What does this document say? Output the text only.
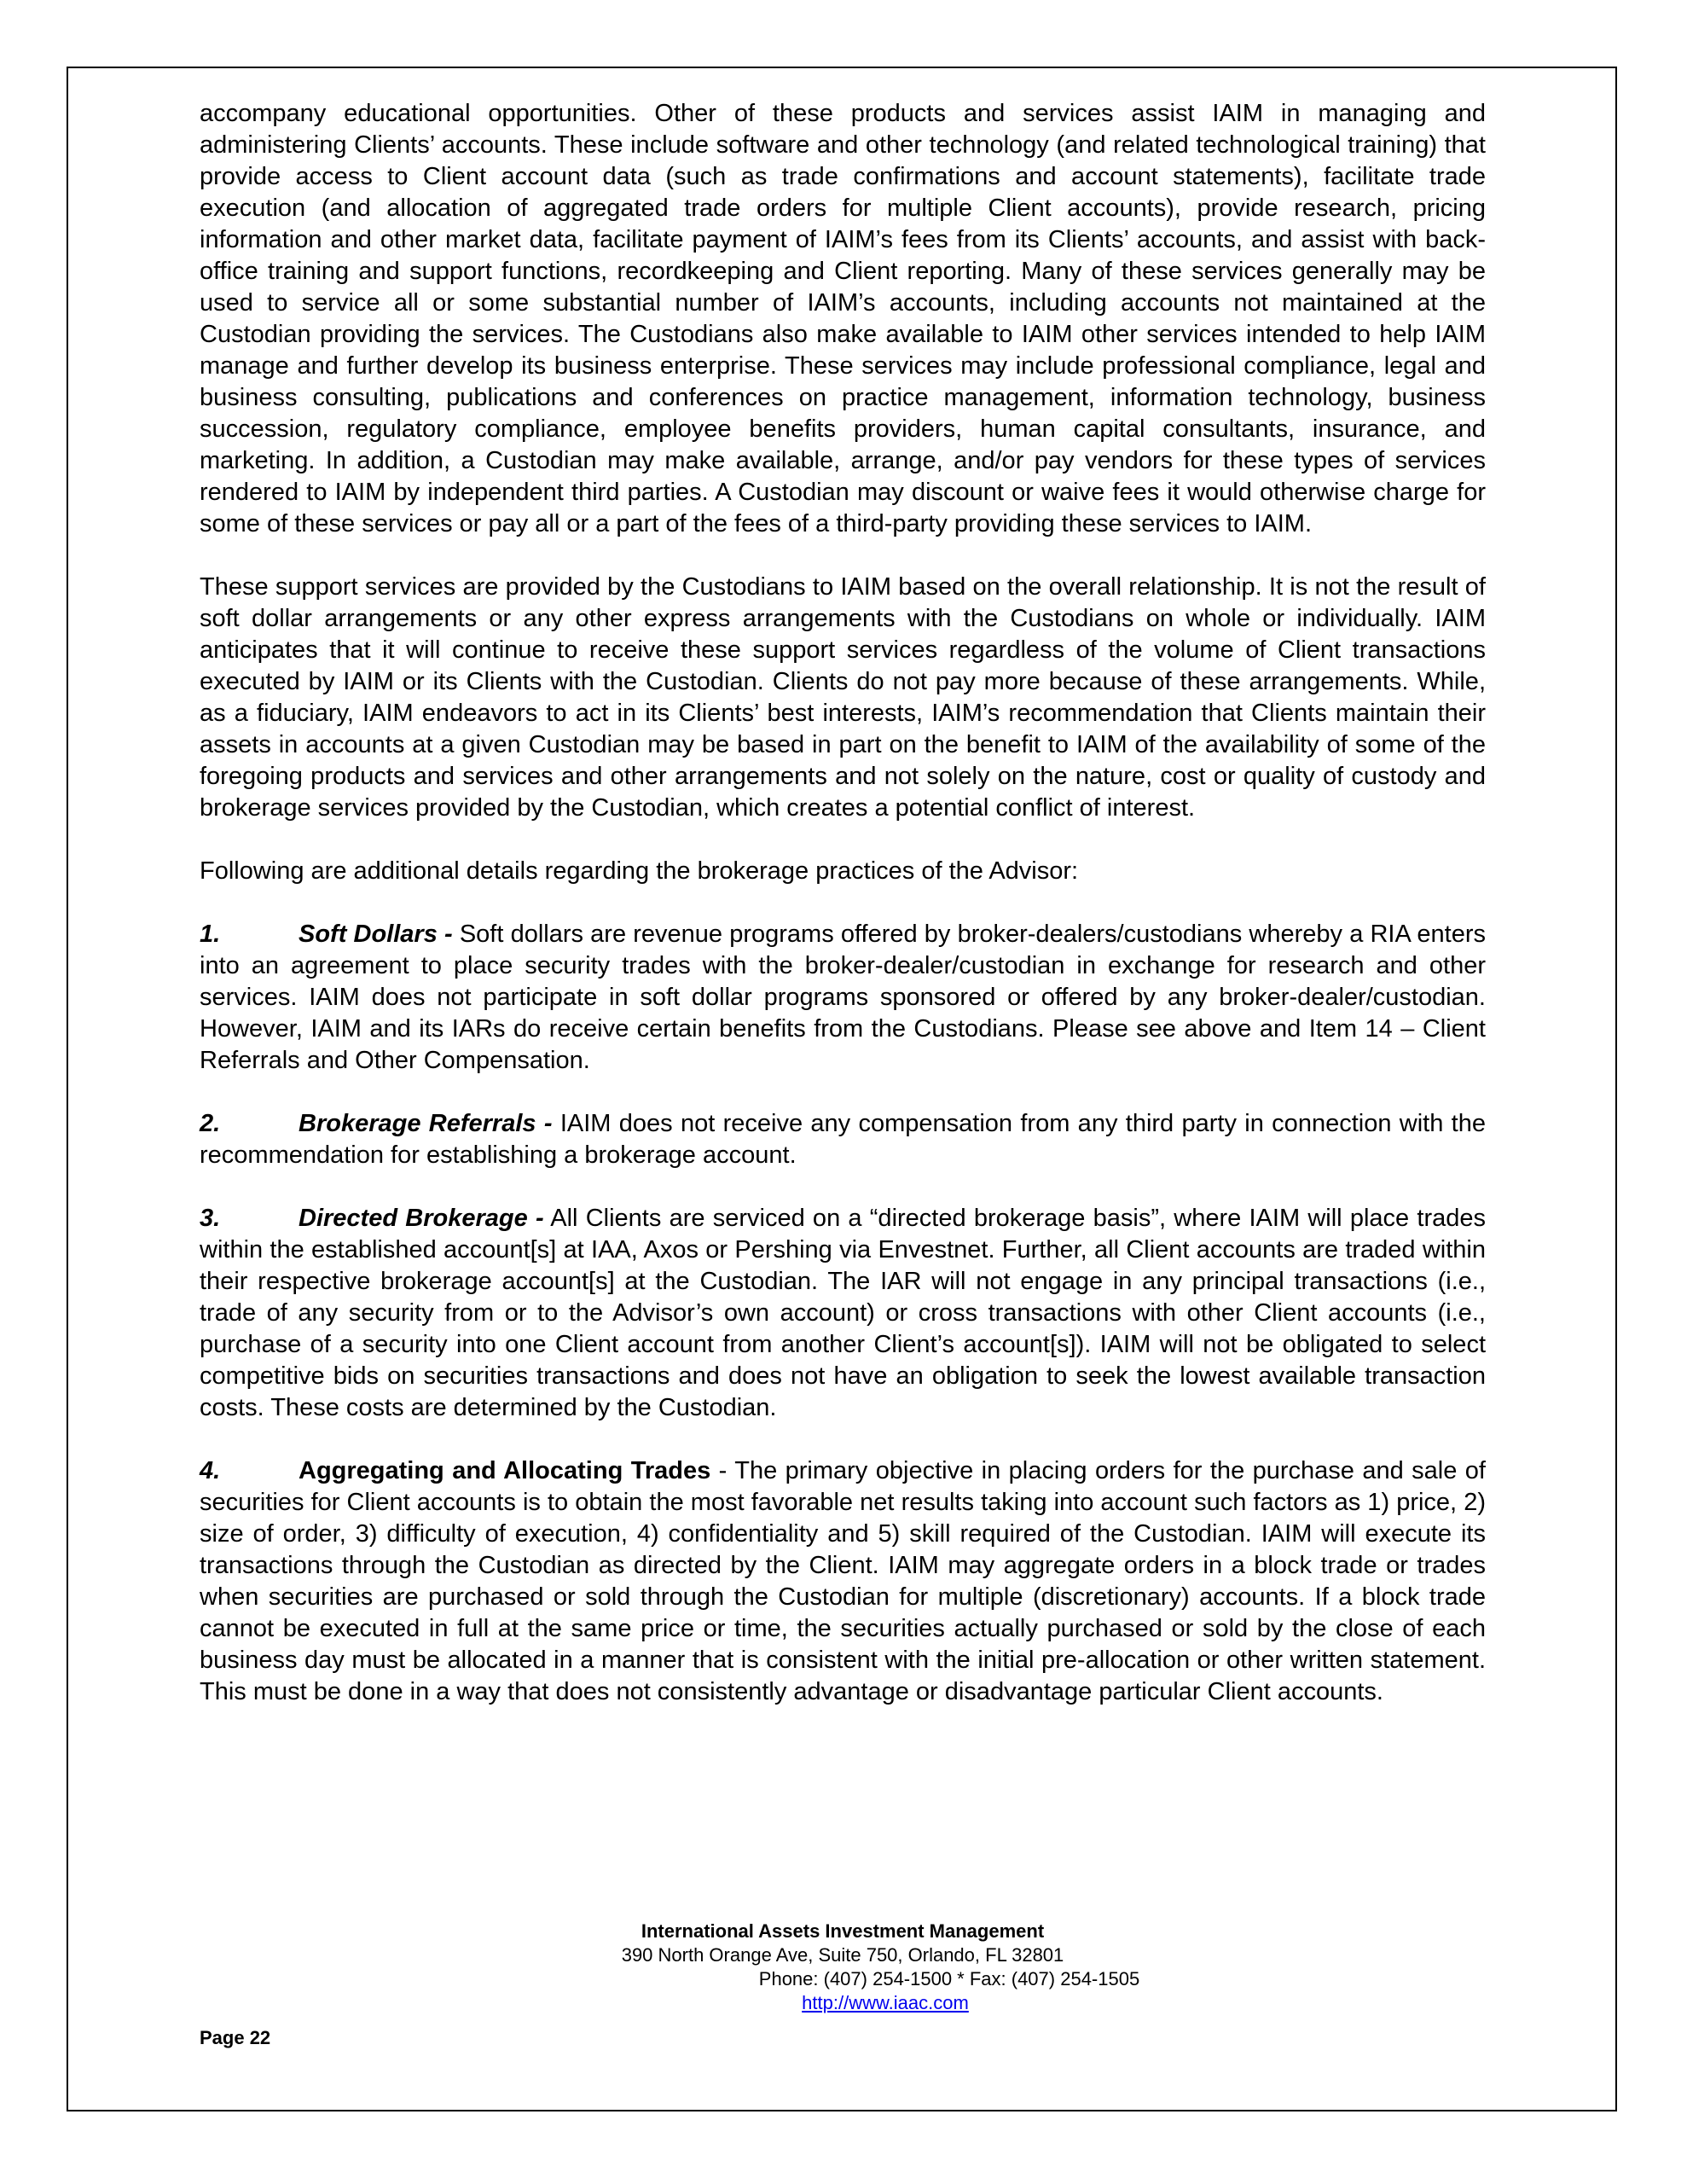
accompany educational opportunities. Other of these products and services assist IAIM in managing and administering Clients’ accounts. These include software and other technology (and related technological training) that provide access to Client account data (such as trade confirmations and account statements), facilitate trade execution (and allocation of aggregated trade orders for multiple Client accounts), provide research, pricing information and other market data, facilitate payment of IAIM’s fees from its Clients’ accounts, and assist with back-office training and support functions, recordkeeping and Client reporting. Many of these services generally may be used to service all or some substantial number of IAIM’s accounts, including accounts not maintained at the Custodian providing the services. The Custodians also make available to IAIM other services intended to help IAIM manage and further develop its business enterprise. These services may include professional compliance, legal and business consulting, publications and conferences on practice management, information technology, business succession, regulatory compliance, employee benefits providers, human capital consultants, insurance, and marketing. In addition, a Custodian may make available, arrange, and/or pay vendors for these types of services rendered to IAIM by independent third parties. A Custodian may discount or waive fees it would otherwise charge for some of these services or pay all or a part of the fees of a third-party providing these services to IAIM.

These support services are provided by the Custodians to IAIM based on the overall relationship. It is not the result of soft dollar arrangements or any other express arrangements with the Custodians on whole or individually. IAIM anticipates that it will continue to receive these support services regardless of the volume of Client transactions executed by IAIM or its Clients with the Custodian. Clients do not pay more because of these arrangements. While, as a fiduciary, IAIM endeavors to act in its Clients’ best interests, IAIM’s recommendation that Clients maintain their assets in accounts at a given Custodian may be based in part on the benefit to IAIM of the availability of some of the foregoing products and services and other arrangements and not solely on the nature, cost or quality of custody and brokerage services provided by the Custodian, which creates a potential conflict of interest.

Following are additional details regarding the brokerage practices of the Advisor:

1.	Soft Dollars - Soft dollars are revenue programs offered by broker-dealers/custodians whereby a RIA enters into an agreement to place security trades with the broker-dealer/custodian in exchange for research and other services. IAIM does not participate in soft dollar programs sponsored or offered by any broker-dealer/custodian. However, IAIM and its IARs do receive certain benefits from the Custodians. Please see above and Item 14 – Client Referrals and Other Compensation.

2.	Brokerage Referrals - IAIM does not receive any compensation from any third party in connection with the recommendation for establishing a brokerage account.

3.	Directed Brokerage - All Clients are serviced on a “directed brokerage basis”, where IAIM will place trades within the established account[s] at IAA, Axos or Pershing via Envestnet. Further, all Client accounts are traded within their respective brokerage account[s] at the Custodian. The IAR will not engage in any principal transactions (i.e., trade of any security from or to the Advisor’s own account) or cross transactions with other Client accounts (i.e., purchase of a security into one Client account from another Client’s account[s]). IAIM will not be obligated to select competitive bids on securities transactions and does not have an obligation to seek the lowest available transaction costs. These costs are determined by the Custodian.

4.	Aggregating and Allocating Trades - The primary objective in placing orders for the purchase and sale of securities for Client accounts is to obtain the most favorable net results taking into account such factors as 1) price, 2) size of order, 3) difficulty of execution, 4) confidentiality and 5) skill required of the Custodian. IAIM will execute its transactions through the Custodian as directed by the Client. IAIM may aggregate orders in a block trade or trades when securities are purchased or sold through the Custodian for multiple (discretionary) accounts. If a block trade cannot be executed in full at the same price or time, the securities actually purchased or sold by the close of each business day must be allocated in a manner that is consistent with the initial pre-allocation or other written statement. This must be done in a way that does not consistently advantage or disadvantage particular Client accounts.

International Assets Investment Management
390 North Orange Ave, Suite 750, Orlando, FL 32801
Phone: (407) 254-1500 * Fax: (407) 254-1505
http://www.iaac.com
Page 22
